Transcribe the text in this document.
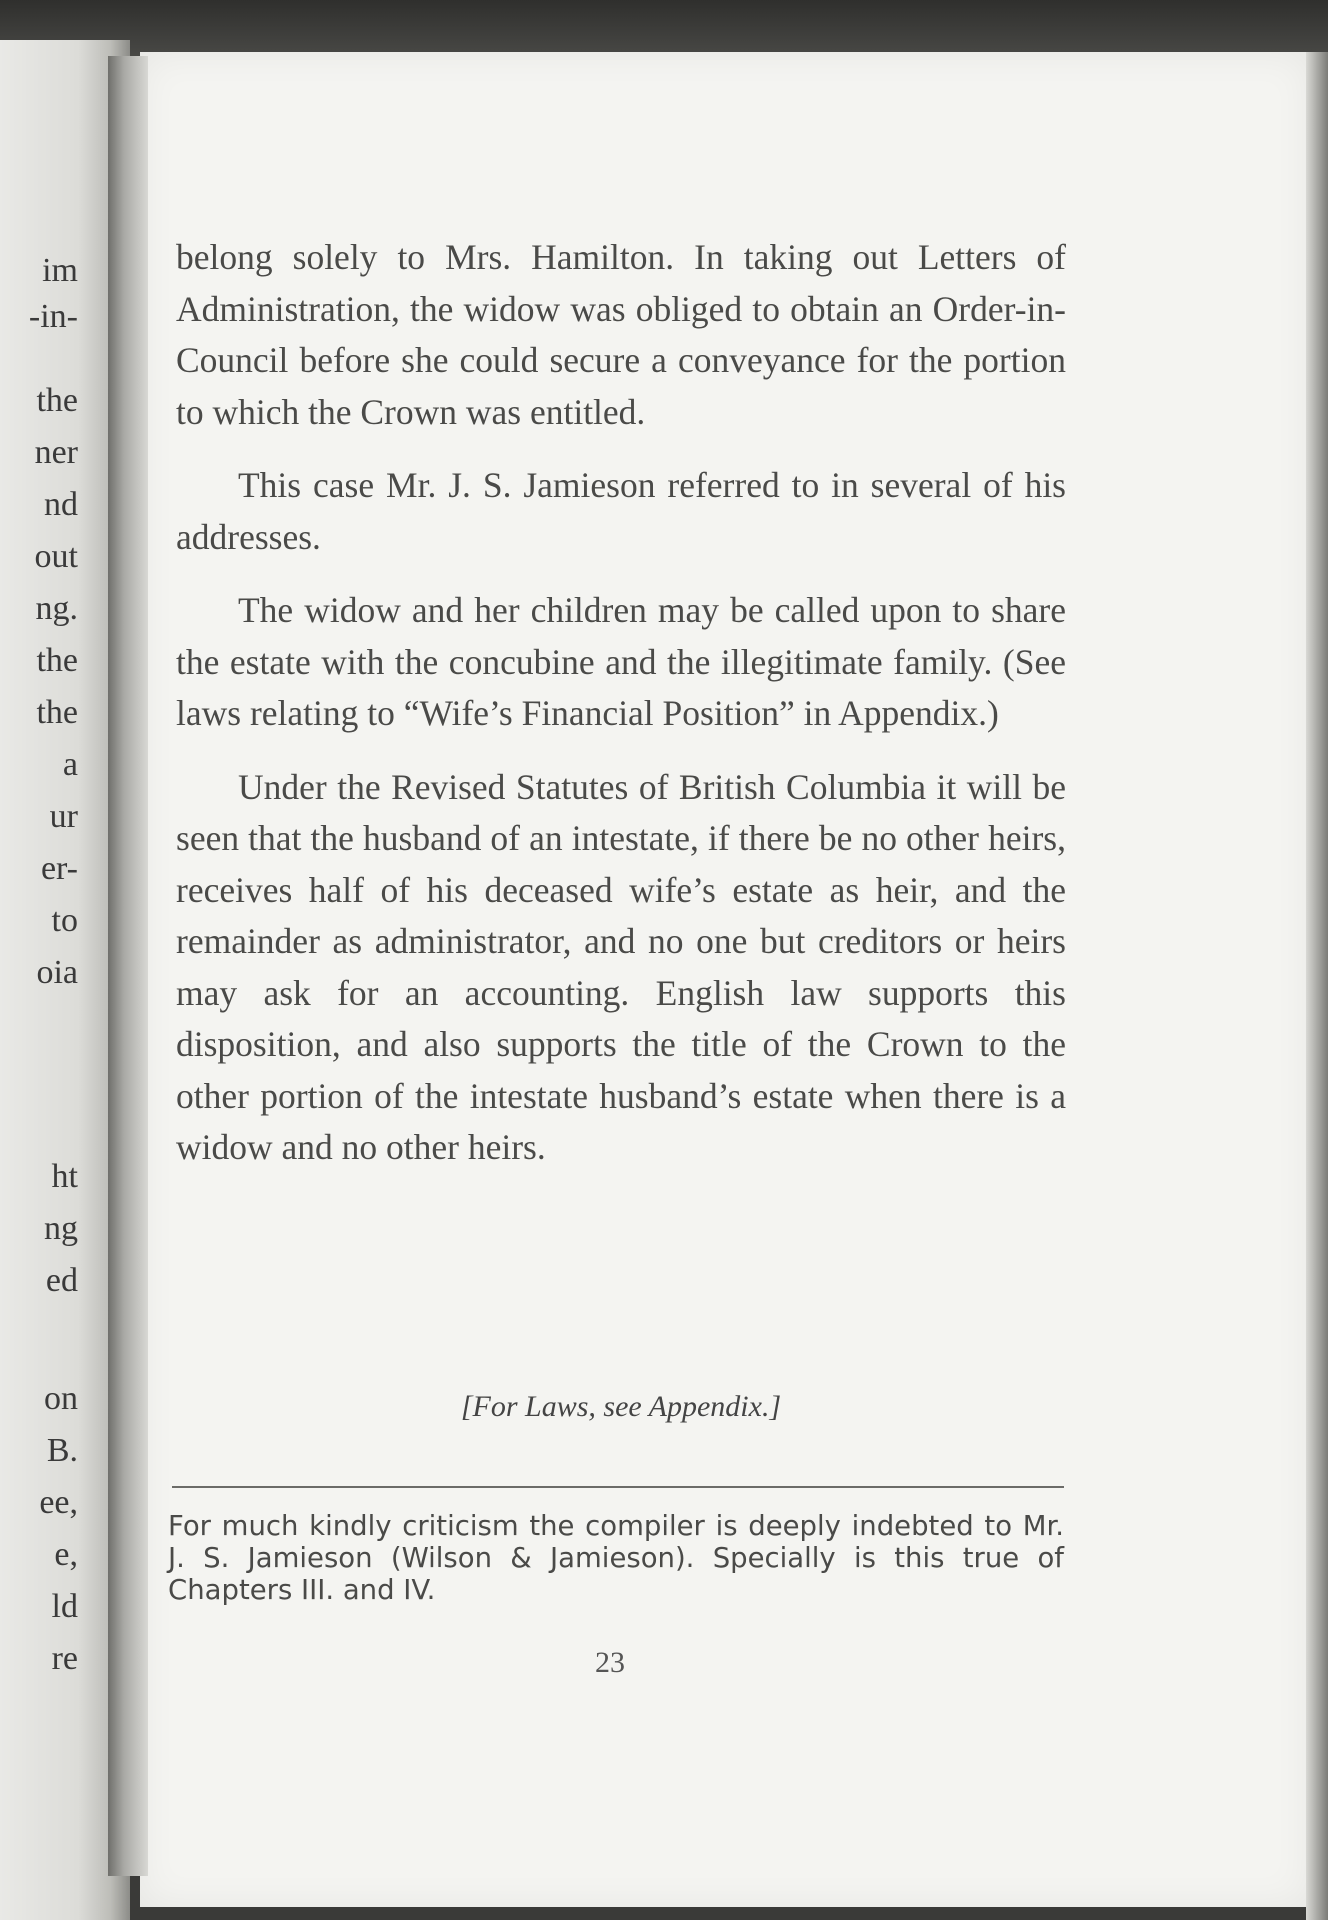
im
-in-
the
ner
nd
out
ng.
the
the
a
ur
er-
to
oia
ht
ng
ed
on
B.
ee,
e,
ld
re

belong solely to Mrs. Hamilton. In taking out Letters of Administration, the widow was obliged to obtain an Order-in-Council before she could secure a conveyance for the portion to which the Crown was entitled.

This case Mr. J. S. Jamieson referred to in several of his addresses.

The widow and her children may be called upon to share the estate with the concubine and the illegitimate family. (See laws relating to “Wife’s Financial Position” in Appendix.)

Under the Revised Statutes of British Columbia it will be seen that the husband of an intestate, if there be no other heirs, receives half of his deceased wife’s estate as heir, and the remainder as administrator, and no one but creditors or heirs may ask for an accounting. English law supports this disposition, and also supports the title of the Crown to the other portion of the intestate husband’s estate when there is a widow and no other heirs.

[For Laws, see Appendix.]
For much kindly criticism the compiler is deeply indebted to Mr. J. S. Jamieson (Wilson & Jamieson). Specially is this true of Chapters III. and IV.
23
